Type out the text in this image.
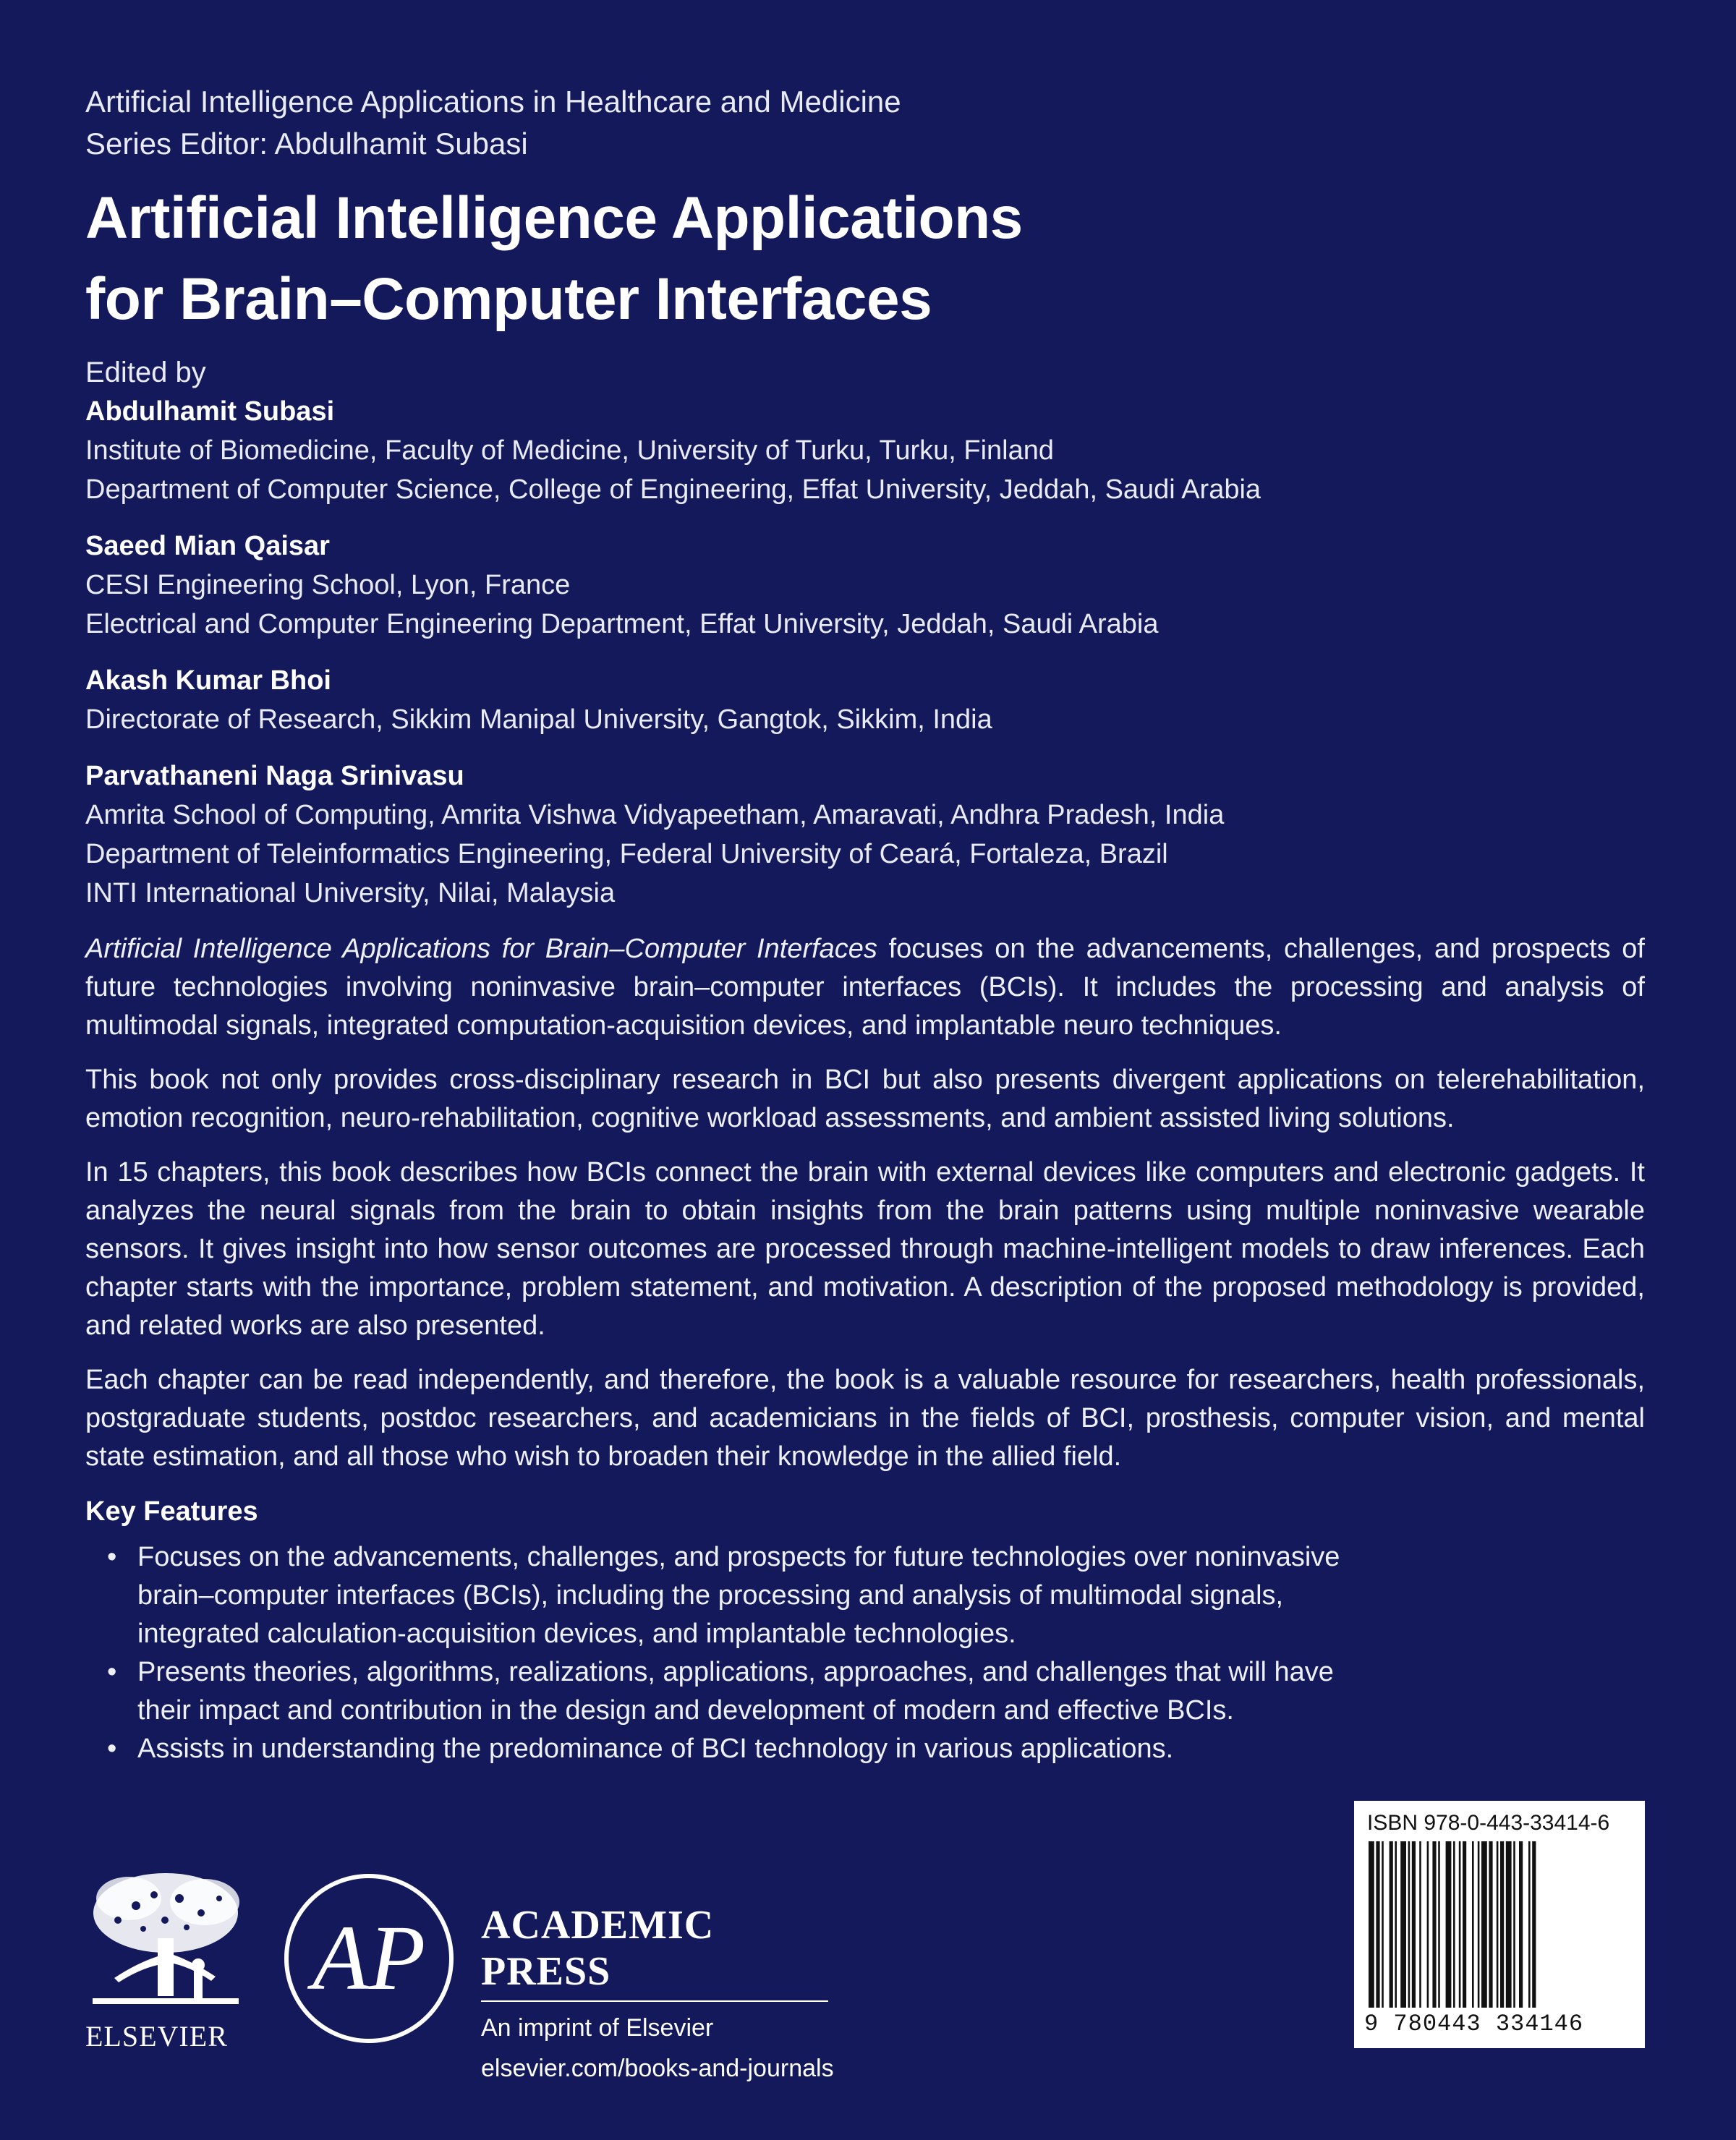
Artificial Intelligence Applications in Healthcare and Medicine
Series Editor: Abdulhamit Subasi
Artificial Intelligence Applications
for Brain–Computer Interfaces
Edited by
Abdulhamit Subasi
Institute of Biomedicine, Faculty of Medicine, University of Turku, Turku, Finland
Department of Computer Science, College of Engineering, Effat University, Jeddah, Saudi Arabia
Saeed Mian Qaisar
CESI Engineering School, Lyon, France
Electrical and Computer Engineering Department, Effat University, Jeddah, Saudi Arabia
Akash Kumar Bhoi
Directorate of Research, Sikkim Manipal University, Gangtok, Sikkim, India
Parvathaneni Naga Srinivasu
Amrita School of Computing, Amrita Vishwa Vidyapeetham, Amaravati, Andhra Pradesh, India
Department of Teleinformatics Engineering, Federal University of Ceará, Fortaleza, Brazil
INTI International University, Nilai, Malaysia
Artificial Intelligence Applications for Brain–Computer Interfaces focuses on the advancements, challenges, and prospects of future technologies involving noninvasive brain–computer interfaces (BCIs). It includes the processing and analysis of multimodal signals, integrated computation-acquisition devices, and implantable neuro techniques.
This book not only provides cross-disciplinary research in BCI but also presents divergent applications on telerehabilitation, emotion recognition, neuro-rehabilitation, cognitive workload assessments, and ambient assisted living solutions.
In 15 chapters, this book describes how BCIs connect the brain with external devices like computers and electronic gadgets. It analyzes the neural signals from the brain to obtain insights from the brain patterns using multiple noninvasive wearable sensors. It gives insight into how sensor outcomes are processed through machine-intelligent models to draw inferences. Each chapter starts with the importance, problem statement, and motivation. A description of the proposed methodology is provided, and related works are also presented.
Each chapter can be read independently, and therefore, the book is a valuable resource for researchers, health professionals, postgraduate students, postdoc researchers, and academicians in the fields of BCI, prosthesis, computer vision, and mental state estimation, and all those who wish to broaden their knowledge in the allied field.
Key Features
• Focuses on the advancements, challenges, and prospects for future technologies over noninvasive brain–computer interfaces (BCIs), including the processing and analysis of multimodal signals, integrated calculation-acquisition devices, and implantable technologies.
• Presents theories, algorithms, realizations, applications, approaches, and challenges that will have their impact and contribution in the design and development of modern and effective BCIs.
• Assists in understanding the predominance of BCI technology in various applications.
ELSEVIER
AP ACADEMIC PRESS
An imprint of Elsevier
elsevier.com/books-and-journals
ISBN 978-0-443-33414-6
9 780443 334146
